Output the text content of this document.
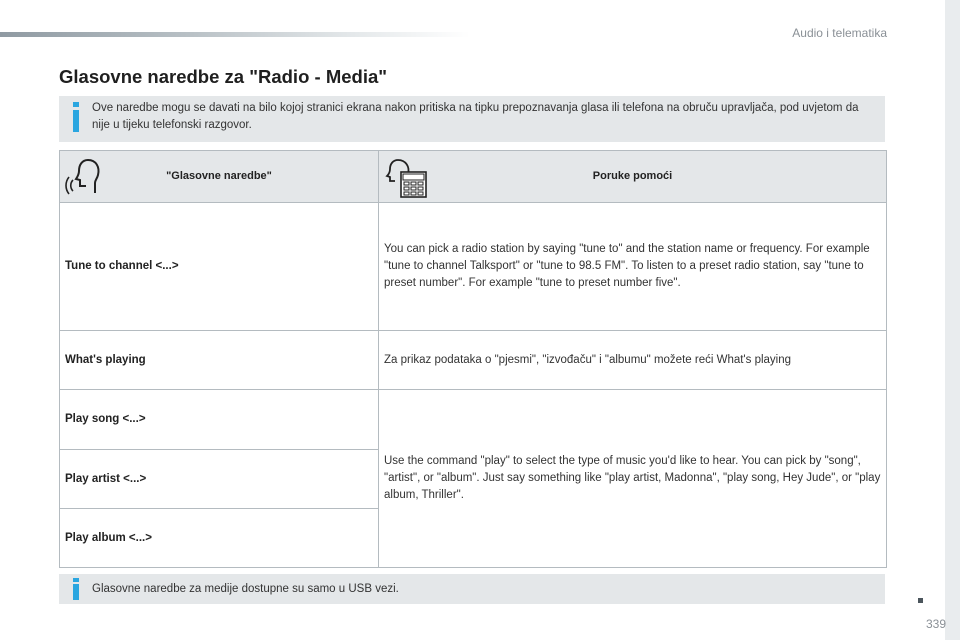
Audio i telematika
Glasovne naredbe za "Radio - Media"
Ove naredbe mogu se davati na bilo kojoj stranici ekrana nakon pritiska na tipku prepoznavanja glasa ili telefona na obruču upravljača, pod uvjetom da nije u tijeku telefonski razgovor.
"Glasovne naredbe"	Poruke pomoći

Tune to channel <...>	You can pick a radio station by saying "tune to" and the station name or frequency. For example "tune to channel Talksport" or "tune to 98.5 FM". To listen to a preset radio station, say "tune to preset number". For example "tune to preset number five".
What's playing	Za prikaz podataka o "pjesmi", "izvođaču" i "albumu" možete reći What's playing
Play song <...>	Use the command "play" to select the type of music you'd like to hear. You can pick by "song", "artist", or "album". Just say something like "play artist, Madonna", "play song, Hey Jude", or "play album, Thriller".
Play artist <...>	
Play album <...>	
Glasovne naredbe za medije dostupne su samo u USB vezi.
339
